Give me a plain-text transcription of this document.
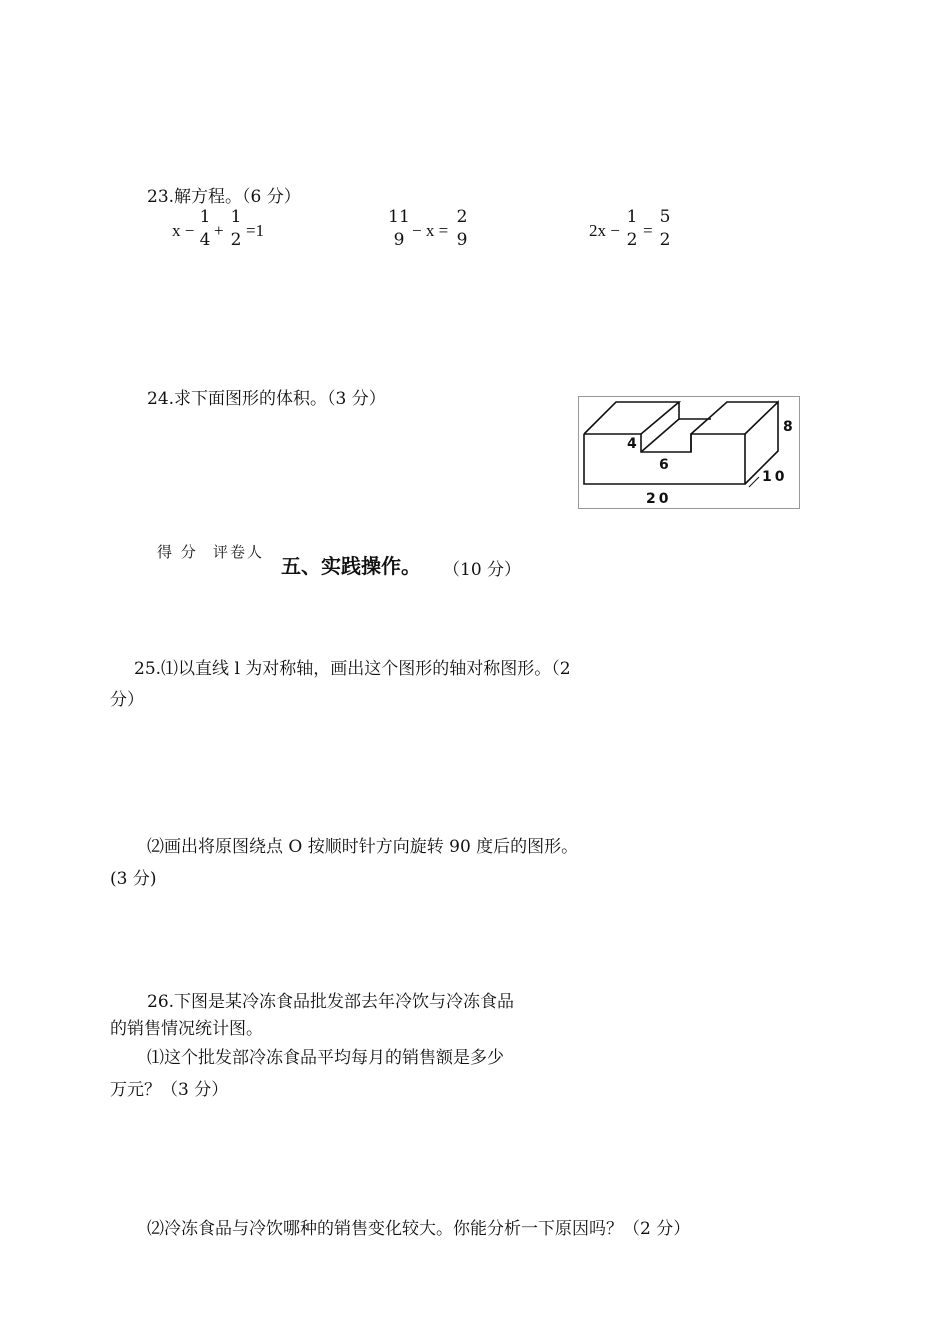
23.解方程。（6 分）
x −
1
4 +
1
2 =1
11
9 − x =
2
9	2x −
1
2 =
5
2
24.求下面图形的体积。（3 分）
4
6
8
10
20
得 分 评卷人
五、实践操作。 （10 分）
25.⑴以直线 l 为对称轴，画出这个图形的轴对称图形。（2
分）
⑵画出将原图绕点 O 按顺时针方向旋转 90 度后的图形。
(3 分)
26.下图是某冷冻食品批发部去年冷饮与冷冻食品
的销售情况统计图。
⑴这个批发部冷冻食品平均每月的销售额是多少
万元？（3 分）
⑵冷冻食品与冷饮哪种的销售变化较大。你能分析一下原因吗？（2 分）
